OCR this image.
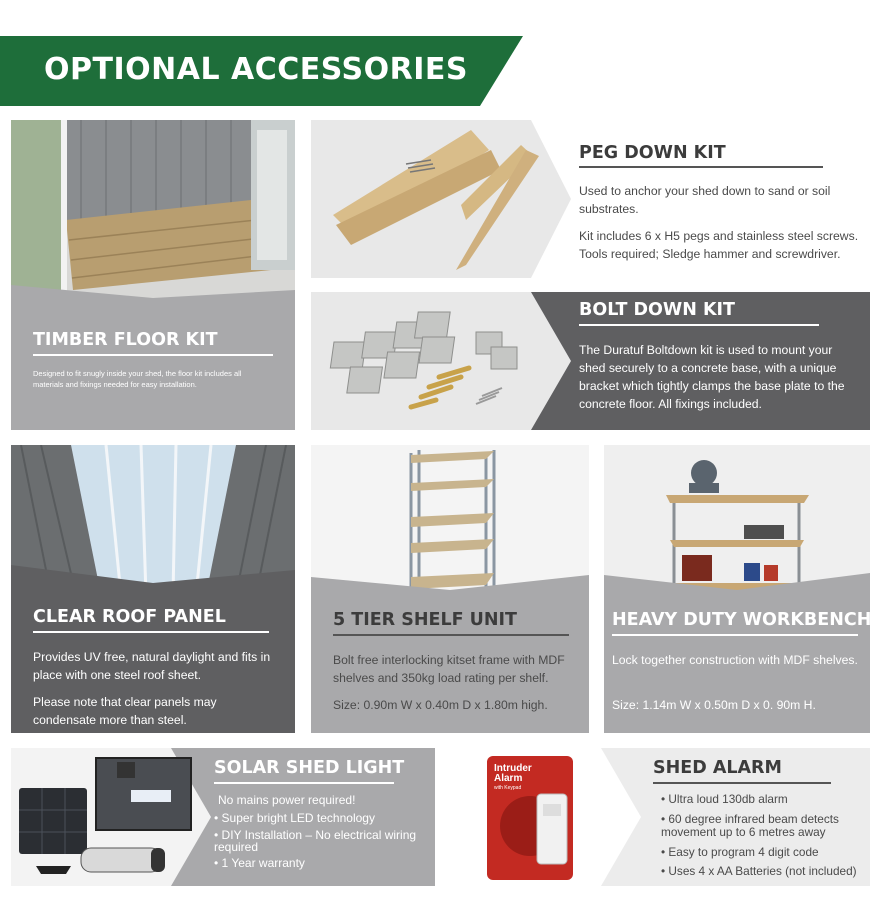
OPTIONAL ACCESSORIES
TIMBER FLOOR KIT
Designed to fit snugly inside your shed, the floor kit includes all materials and fixings needed for easy installation.
PEG DOWN KIT

Used to anchor your shed down to sand or soil substrates.

Kit includes 6 x H5 pegs and stainless steel screws. Tools required; Sledge hammer and screwdriver.

BOLT DOWN KIT
The Duratuf Boltdown kit is used to mount your shed securely to a concrete base, with a unique bracket which tightly clamps the base plate to the concrete floor. All fixings included.
CLEAR ROOF PANEL

Provides UV free, natural daylight and fits in place with one steel roof sheet.

Please note that clear panels may condensate more than steel.

5 TIER SHELF UNIT

Bolt free interlocking kitset frame with MDF shelves and 350kg load rating per shelf.

Size: 0.90m W x 0.40m D x 1.80m high.

HEAVY DUTY WORKBENCH

Lock together construction with MDF shelves.

Size: 1.14m W x 0.50m D x 0. 90m H.

SOLAR SHED LIGHT
No mains power required!
• Super bright LED technology
• DIY Installation – No electrical wiring required
• 1 Year warranty
Intruder Alarm
with Keypad
SHED ALARM
• Ultra loud 130db alarm
• 60 degree infrared beam detects movement up to 6 metres away
• Easy to program 4 digit code
• Uses 4 x AA Batteries (not included)
